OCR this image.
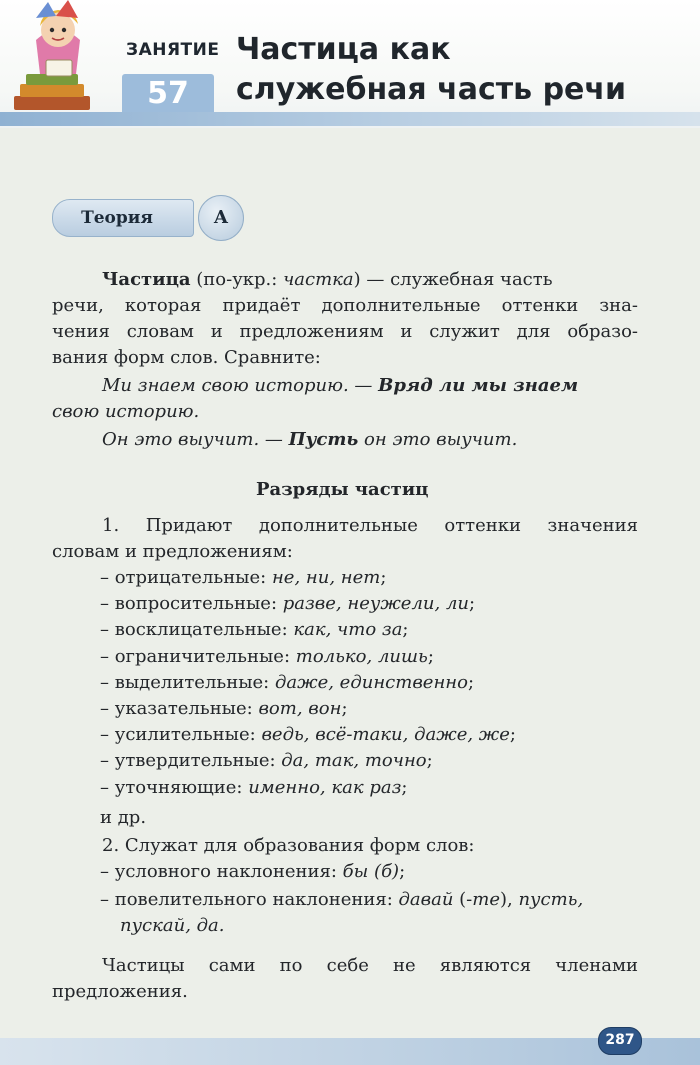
ЗАНЯТИЕ
57
Частица как
служебная часть речи
Теория	А
Частица (по-укр.: частка) — служебная часть
речи, которая придаёт дополнительные оттенки зна-
чения словам и предложениям и служит для образо-
вания форм слов. Сравните:
Ми знаем свою историю. — Вряд ли мы знаем
свою историю.
Он это выучит. — Пусть он это выучит.
Разряды частиц
1. Придают дополнительные оттенки значения
словам и предложениям:
– отрицательные: не, ни, нет;
– вопросительные: разве, неужели, ли;
– восклицательные: как, что за;
– ограничительные: только, лишь;
– выделительные: даже, единственно;
– указательные: вот, вон;
– усилительные: ведь, всё-таки, даже, же;
– утвердительные: да, так, точно;
– уточняющие: именно, как раз;
и др.
2. Служат для образования форм слов:
– условного наклонения: бы (б);
– повелительного наклонения: давай (-те), пусть,
пускай, да.
Частицы сами по себе не являются членами
предложения.
287
